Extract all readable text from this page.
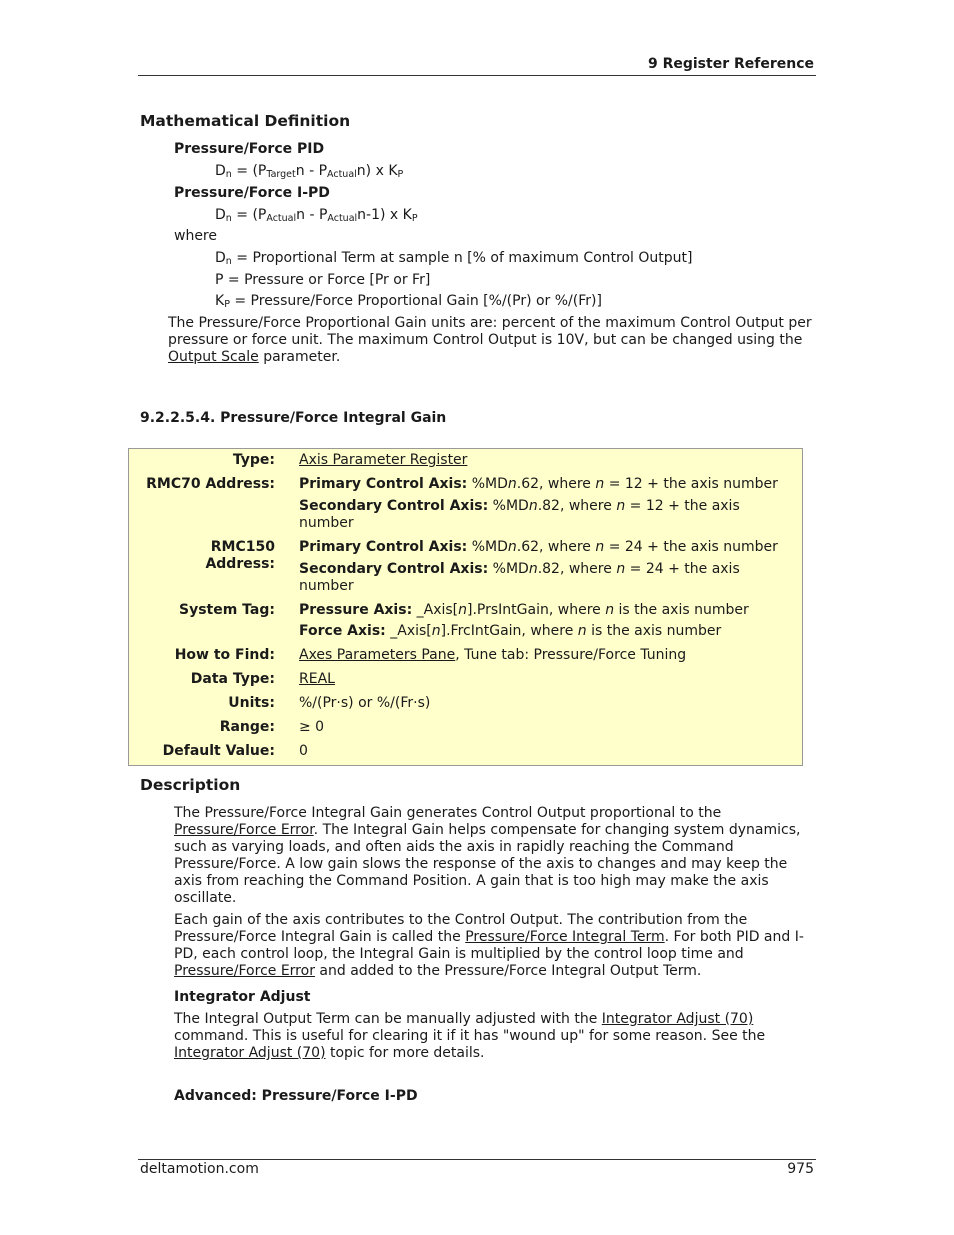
9 Register Reference
Mathematical Definition
Pressure/Force PID
$D_n = (P_{Target}n - P_{Actual}n)$ x $K_P$
Pressure/Force I-PD
$D_n = (P_{Actual}n - P_{Actual}n-1)$ x $K_P$
where
$D_n$ = Proportional Term at sample n [% of maximum Control Output]
P = Pressure or Force [Pr or Fr]
$K_P$ = Pressure/Force Proportional Gain [%/(Pr) or %/(Fr)]
The Pressure/Force Proportional Gain units are: percent of the maximum Control Output per pressure or force unit. The maximum Control Output is 10V, but can be changed using the Output Scale parameter.
9.2.2.5.4. Pressure/Force Integral Gain
Type: Axis Parameter Register
RMC70 Address: Primary Control Axis: %MDn.62, where n = 12 + the axis number
Secondary Control Axis: %MDn.82, where n = 12 + the axis number
RMC150
Address:
Primary Control Axis: %MDn.62, where n = 24 + the axis number
Secondary Control Axis: %MDn.82, where n = 24 + the axis number
System Tag: Pressure Axis: _Axis[n].PrsIntGain, where n is the axis number
Force Axis: _Axis[n].FrcIntGain, where n is the axis number
How to Find: Axes Parameters Pane, Tune tab: Pressure/Force Tuning
Data Type: REAL
Units: %/(Pr·s) or %/(Fr·s)
Range: ≥ 0
Default Value: 0
Description
The Pressure/Force Integral Gain generates Control Output proportional to the Pressure/Force Error. The Integral Gain helps compensate for changing system dynamics, such as varying loads, and often aids the axis in rapidly reaching the Command Pressure/Force. A low gain slows the response of the axis to changes and may keep the axis from reaching the Command Position. A gain that is too high may make the axis oscillate.
Each gain of the axis contributes to the Control Output. The contribution from the Pressure/Force Integral Gain is called the Pressure/Force Integral Term. For both PID and I-PD, each control loop, the Integral Gain is multiplied by the control loop time and Pressure/Force Error and added to the Pressure/Force Integral Output Term.
Integrator Adjust
The Integral Output Term can be manually adjusted with the Integrator Adjust (70) command. This is useful for clearing it if it has "wound up" for some reason. See the Integrator Adjust (70) topic for more details.
Advanced: Pressure/Force I-PD
deltamotion.com	975
